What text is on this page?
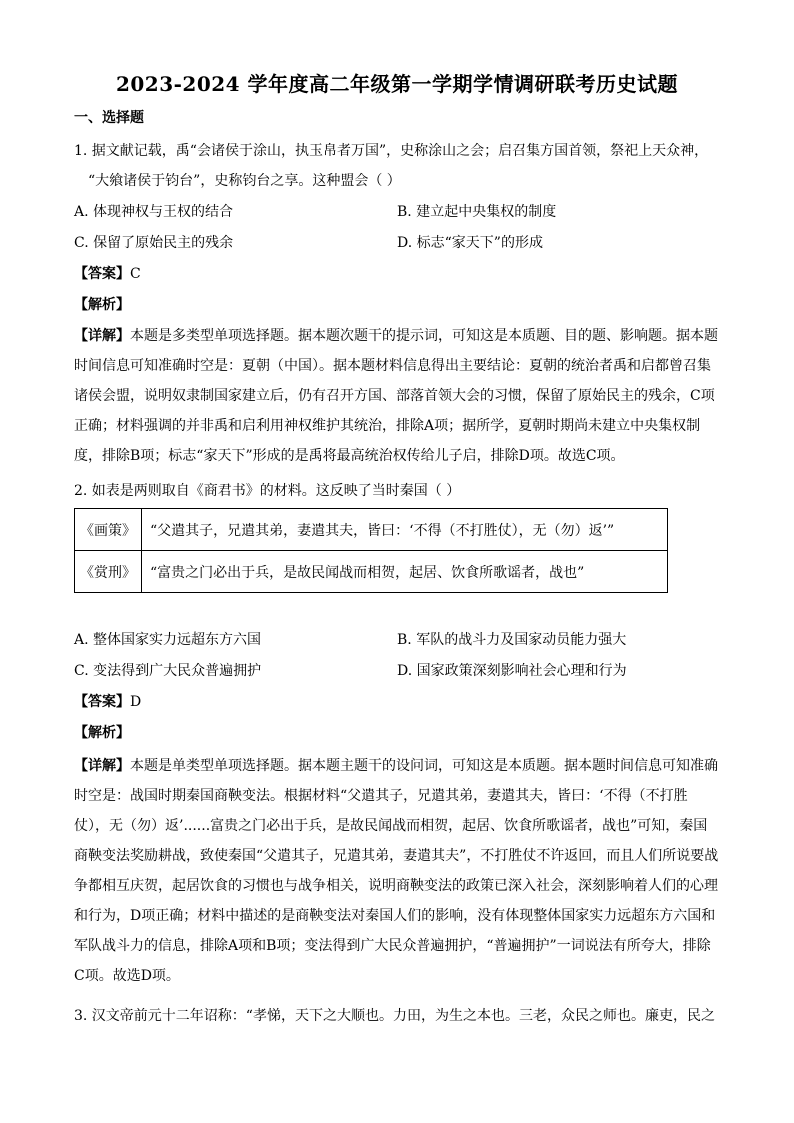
2023-2024 学年度高二年级第一学期学情调研联考历史试题
一、选择题
1. 据文献记载，禹“会诸侯于涂山，执玉帛者万国”，史称涂山之会；启召集方国首领，祭祀上天众神，
“大飨诸侯于钧台”，史称钧台之享。这种盟会（ ）
A. 体现神权与王权的结合	B. 建立起中央集权的制度
C. 保留了原始民主的残余	D. 标志“家天下”的形成
【答案】C
【解析】
【详解】本题是多类型单项选择题。据本题次题干的提示词，可知这是本质题、目的题、影响题。据本题时间信息可知准确时空是：夏朝（中国）。据本题材料信息得出主要结论：夏朝的统治者禹和启都曾召集诸侯会盟，说明奴隶制国家建立后，仍有召开方国、部落首领大会的习惯，保留了原始民主的残余，C项正确；材料强调的并非禹和启利用神权维护其统治，排除A项；据所学，夏朝时期尚未建立中央集权制度，排除B项；标志“家天下”形成的是禹将最高统治权传给儿子启，排除D项。故选C项。
2. 如表是两则取自《商君书》的材料。这反映了当时秦国（ ）
《画策》	“父遣其子，兄遣其弟，妻遣其夫，皆曰：‘不得（不打胜仗），无（勿）返’”
《赏刑》	“富贵之门必出于兵，是故民闻战而相贺，起居、饮食所歌谣者，战也”
A. 整体国家实力远超东方六国	B. 军队的战斗力及国家动员能力强大
C. 变法得到广大民众普遍拥护	D. 国家政策深刻影响社会心理和行为
【答案】D
【解析】
【详解】本题是单类型单项选择题。据本题主题干的设问词，可知这是本质题。据本题时间信息可知准确时空是：战国时期秦国商鞅变法。根据材料“父遣其子，兄遣其弟，妻遣其夫，皆曰：‘不得（不打胜仗），无（勿）返’......富贵之门必出于兵，是故民闻战而相贺，起居、饮食所歌谣者，战也”可知，秦国商鞅变法奖励耕战，致使秦国“父遣其子，兄遣其弟，妻遣其夫”，不打胜仗不许返回，而且人们所说要战争都相互庆贺，起居饮食的习惯也与战争相关，说明商鞅变法的政策已深入社会，深刻影响着人们的心理和行为，D项正确；材料中描述的是商鞅变法对秦国人们的影响，没有体现整体国家实力远超东方六国和军队战斗力的信息，排除A项和B项；变法得到广大民众普遍拥护，“普遍拥护”一词说法有所夸大，排除C项。故选D项。
3. 汉文帝前元十二年诏称：“孝悌，天下之大顺也。力田，为生之本也。三老，众民之师也。廉吏，民之
